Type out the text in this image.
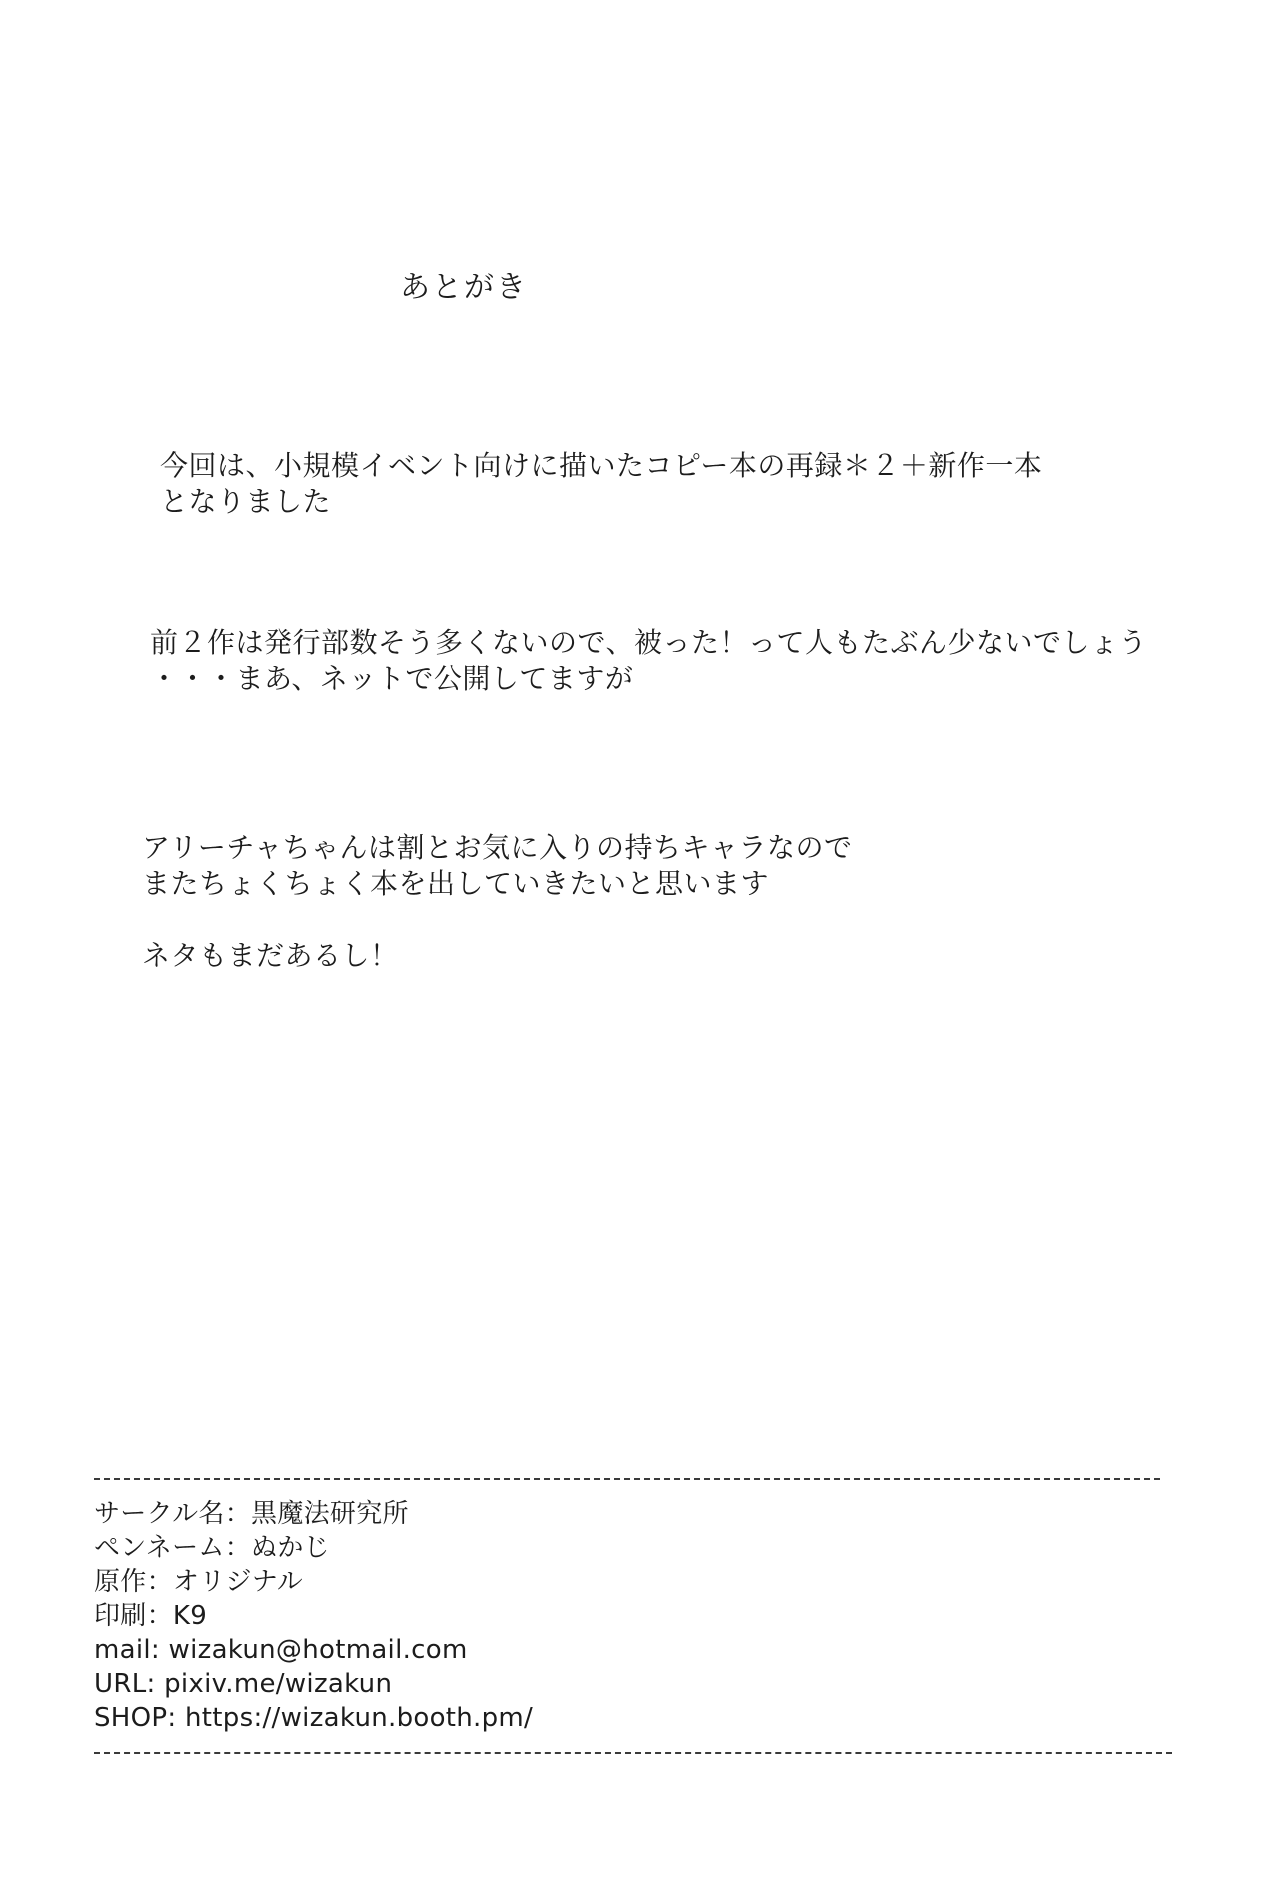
あとがき
今回は、小規模イベント向けに描いたコピー本の再録＊２＋新作一本
となりました
前２作は発行部数そう多くないので、被った！って人もたぶん少ないでしょう
・・・まあ、ネットで公開してますが
アリーチャちゃんは割とお気に入りの持ちキャラなので
またちょくちょく本を出していきたいと思います
ネタもまだあるし！
サークル名：黒魔法研究所
ペンネーム：ぬかじ
原作：オリジナル
印刷：K9
mail: wizakun@hotmail.com
URL: pixiv.me/wizakun
SHOP: https://wizakun.booth.pm/
